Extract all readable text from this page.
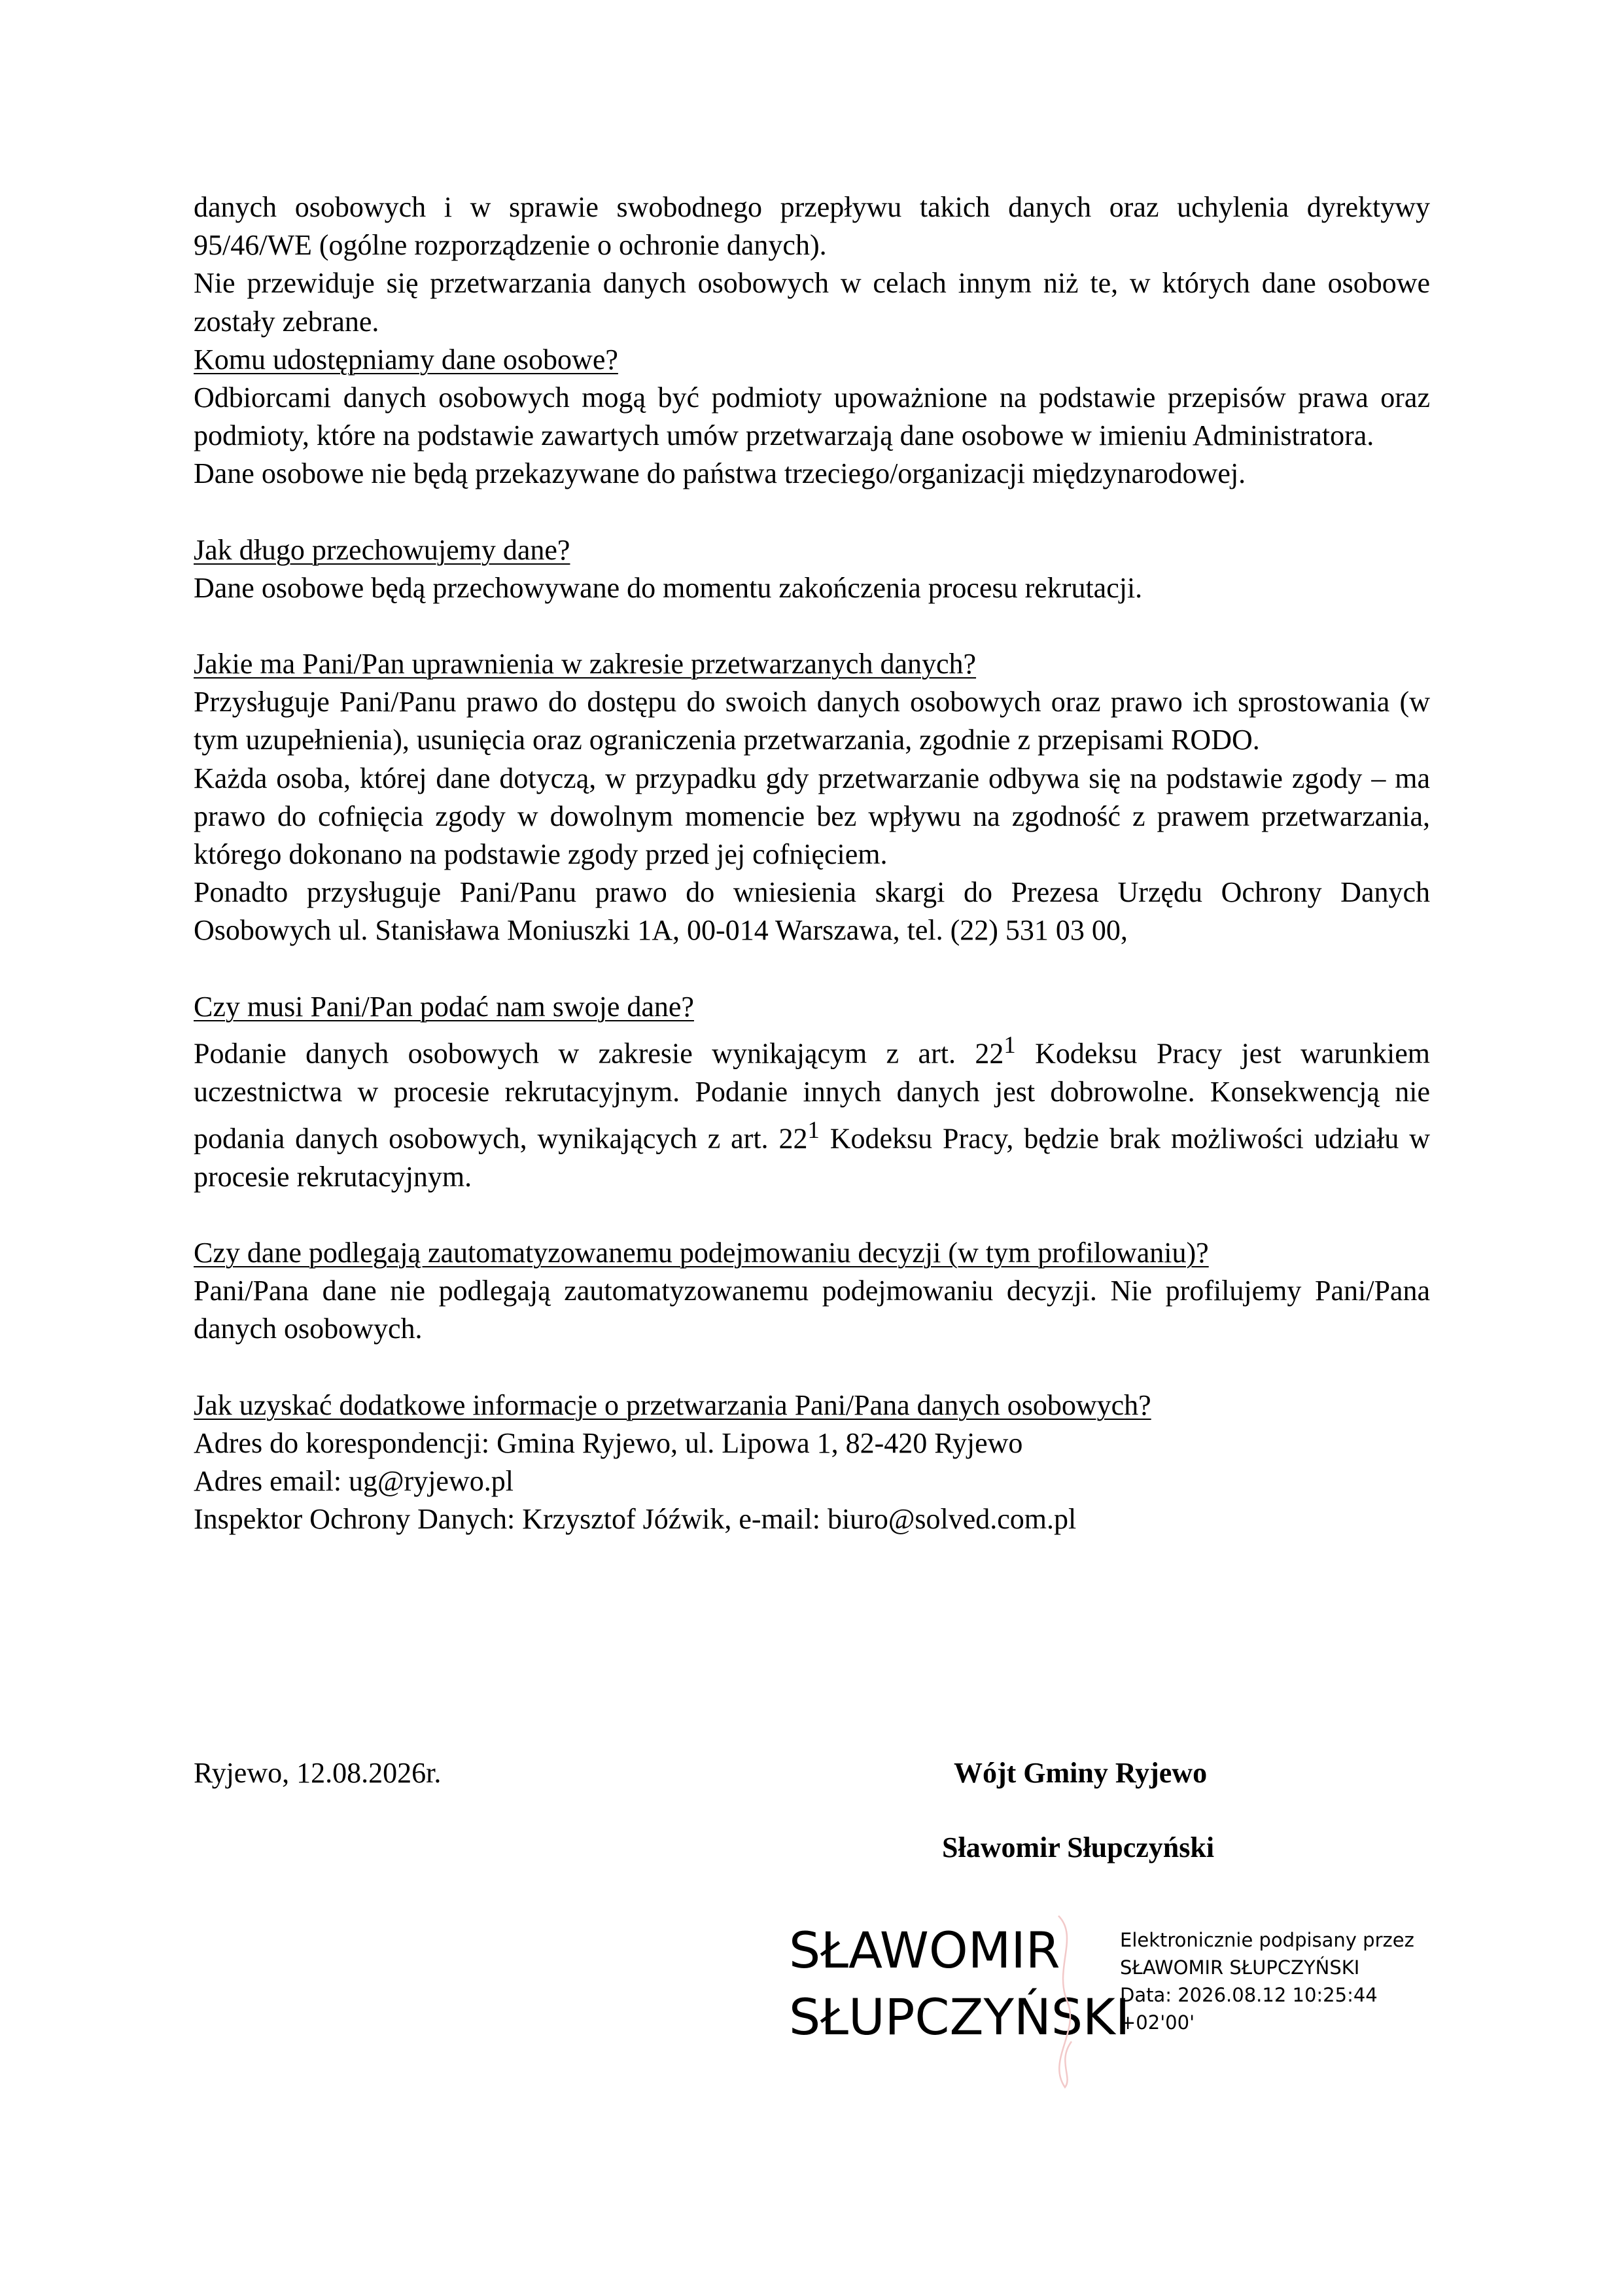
danych osobowych i w sprawie swobodnego przepływu takich danych oraz uchylenia dyrektywy 95/46/WE (ogólne rozporządzenie o ochronie danych).

Nie przewiduje się przetwarzania danych osobowych w celach innym niż te, w których dane osobowe zostały zebrane.

Komu udostępniamy dane osobowe?

Odbiorcami danych osobowych mogą być podmioty upoważnione na podstawie przepisów prawa oraz podmioty, które na podstawie zawartych umów przetwarzają dane osobowe w imieniu Administratora.

Dane osobowe nie będą przekazywane do państwa trzeciego/organizacji międzynarodowej.

Jak długo przechowujemy dane?

Dane osobowe będą przechowywane do momentu zakończenia procesu rekrutacji.

Jakie ma Pani/Pan uprawnienia w zakresie przetwarzanych danych?

Przysługuje Pani/Panu prawo do dostępu do swoich danych osobowych oraz prawo ich sprostowania (w tym uzupełnienia), usunięcia oraz ograniczenia przetwarzania, zgodnie z przepisami RODO.

Każda osoba, której dane dotyczą, w przypadku gdy przetwarzanie odbywa się na podstawie zgody – ma prawo do cofnięcia zgody w dowolnym momencie bez wpływu na zgodność z prawem przetwarzania, którego dokonano na podstawie zgody przed jej cofnięciem.

Ponadto przysługuje Pani/Panu prawo do wniesienia skargi do Prezesa Urzędu Ochrony Danych Osobowych ul. Stanisława Moniuszki 1A, 00-014 Warszawa, tel. (22) 531 03 00,

Czy musi Pani/Pan podać nam swoje dane?

Podanie danych osobowych w zakresie wynikającym z art. $22^1$ Kodeksu Pracy jest warunkiem uczestnictwa w procesie rekrutacyjnym. Podanie innych danych jest dobrowolne. Konsekwencją nie podania danych osobowych, wynikających z art. $22^1$ Kodeksu Pracy, będzie brak możliwości udziału w procesie rekrutacyjnym.

Czy dane podlegają zautomatyzowanemu podejmowaniu decyzji (w tym profilowaniu)?

Pani/Pana dane nie podlegają zautomatyzowanemu podejmowaniu decyzji. Nie profilujemy Pani/Pana danych osobowych.

Jak uzyskać dodatkowe informacje o przetwarzania Pani/Pana danych osobowych?

Adres do korespondencji: Gmina Ryjewo, ul. Lipowa 1, 82-420 Ryjewo

Adres email: ug@ryjewo.pl

Inspektor Ochrony Danych: Krzysztof Jóźwik, e-mail: biuro@solved.com.pl

Ryjewo, 12.08.2026r.	Wójt Gminy Ryjewo
Sławomir Słupczyński
SŁAWOMIR
SŁUPCZYŃSKI
Elektronicznie podpisany przez
SŁAWOMIR SŁUPCZYŃSKI
Data: 2026.08.12 10:25:44
+02'00'
